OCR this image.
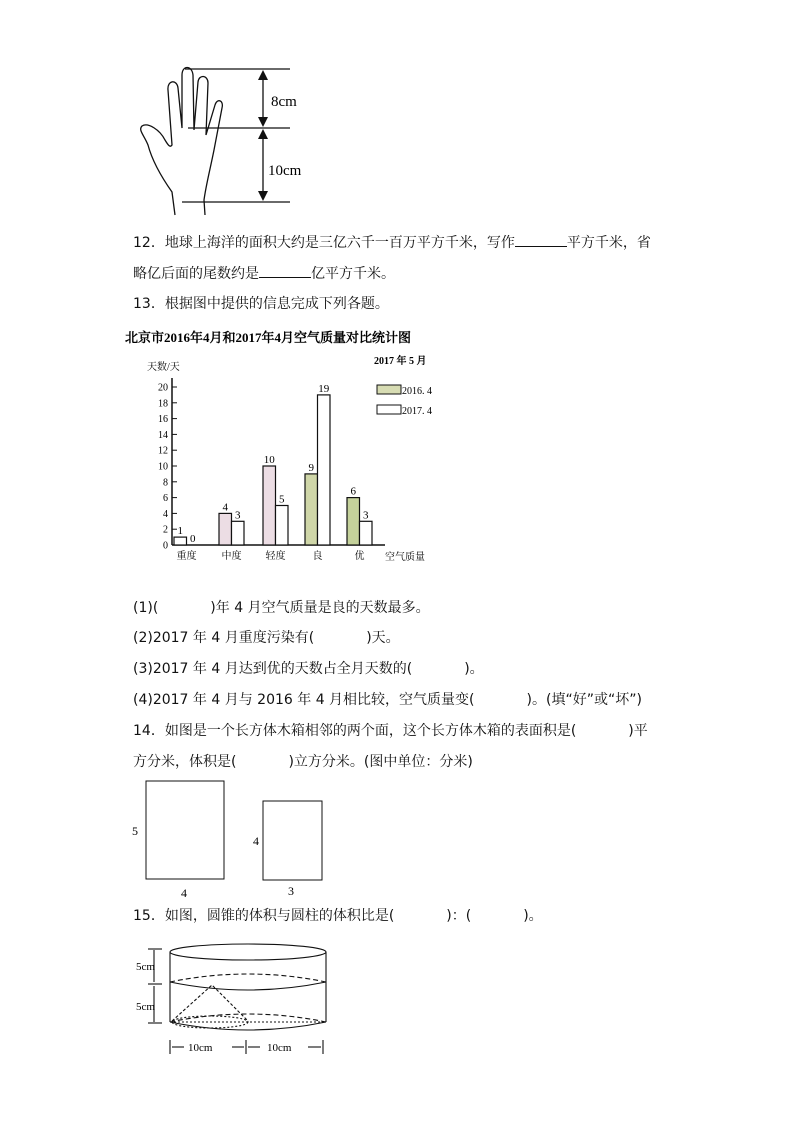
8cm
10cm
12．地球上海洋的面积大约是三亿六千一百万平方千米，写作	平方千米，省
略亿后面的尾数约是	亿平方千米。
13．根据图中提供的信息完成下列各题。
北京市2016年4月和2017年4月空气质量对比统计图
2017 年 5 月
天数/天
空气质量
0
2
4
6
8
10
12
14
16
18
20
重度
1
0
中度
4
3
轻度
10
5
良
9
19
优
6
3
2016. 4
2017. 4
(1)(	)年 4 月空气质量是良的天数最多。
(2)2017 年 4 月重度污染有(	)天。
(3)2017 年 4 月达到优的天数占全月天数的(	)。
(4)2017 年 4 月与 2016 年 4 月相比较，空气质量变(	)。(填“好”或“坏”)
14．如图是一个长方体木箱相邻的两个面，这个长方体木箱的表面积是(	)平
方分米，体积是(	)立方分米。(图中单位：分米)
5
4
4
3
15．如图，圆锥的体积与圆柱的体积比是(	)：(	)。
5cm
5cm
10cm	10cm
